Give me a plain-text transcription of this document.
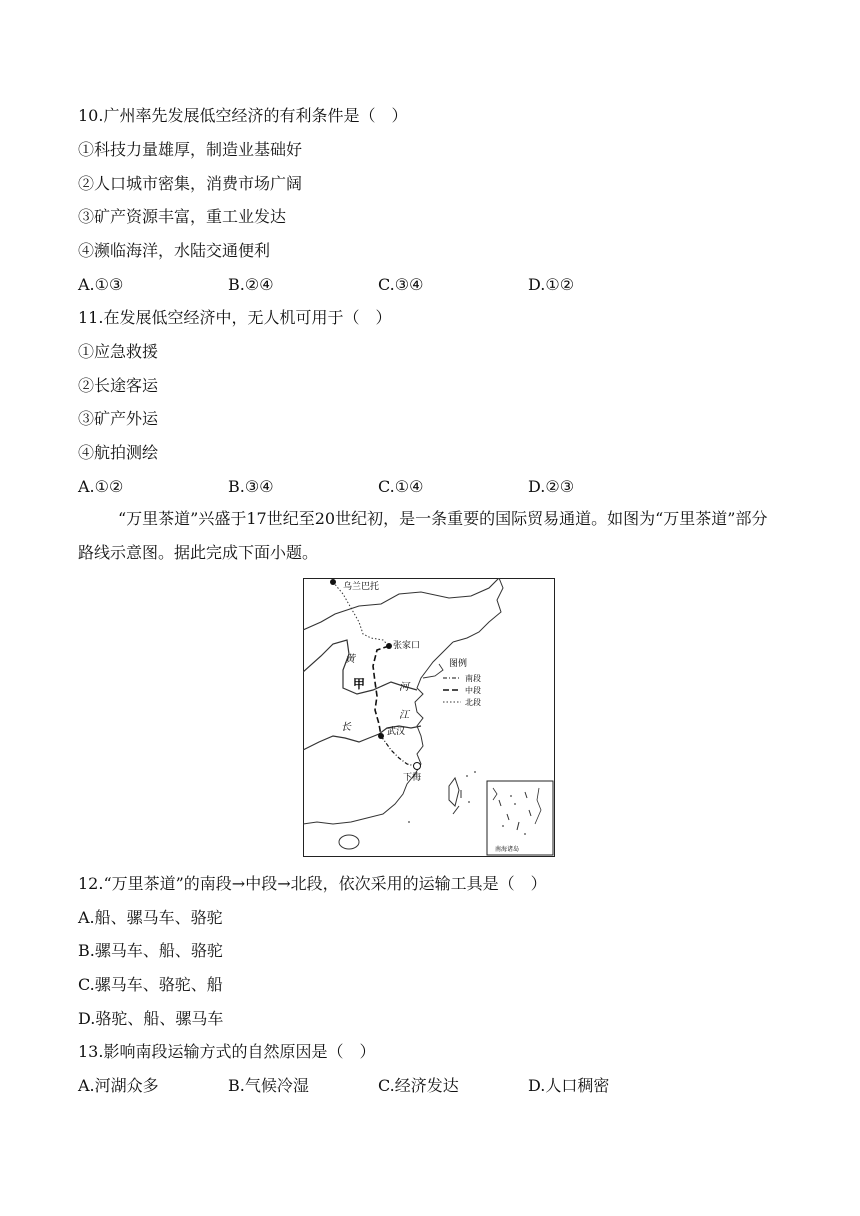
10.广州率先发展低空经济的有利条件是（　）
①科技力量雄厚，制造业基础好
②人口城市密集，消费市场广阔
③矿产资源丰富，重工业发达
④濒临海洋，水陆交通便利
A.①③	B.②④	C.③④	D.①②
11.在发展低空经济中，无人机可用于（　）
①应急救援
②长途客运
③矿产外运
④航拍测绘
A.①②	B.③④	C.①④	D.②③
“万里茶道”兴盛于17世纪至20世纪初，是一条重要的国际贸易通道。如图为“万里茶道”部分路线示意图。据此完成下面小题。
乌兰巴托
张家口
武汉
下梅
甲
黄
河
长
江
图例
南段
中段
北段
南海诸岛
12.“万里茶道”的南段→中段→北段，依次采用的运输工具是（　）
A.船、骡马车、骆驼
B.骡马车、船、骆驼
C.骡马车、骆驼、船
D.骆驼、船、骡马车
13.影响南段运输方式的自然原因是（　）
A.河湖众多	B.气候冷湿	C.经济发达	D.人口稠密
